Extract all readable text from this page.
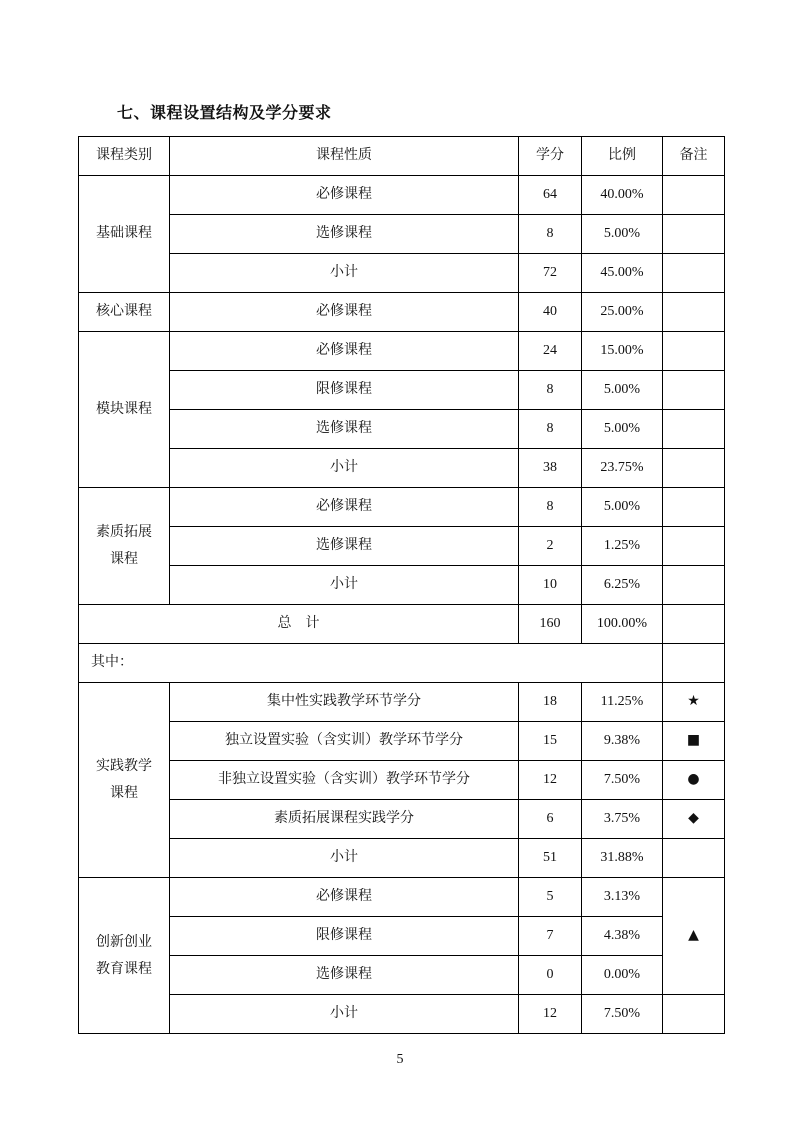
七、课程设置结构及学分要求
课程类别	课程性质	学分	比例	备注
基础课程	必修课程	64	40.00%	
	选修课程	8	5.00%	
	小计	72	45.00%	
核心课程	必修课程	40	25.00%	
模块课程	必修课程	24	15.00%	
	限修课程	8	5.00%	
	选修课程	8	5.00%	
	小计	38	23.75%	
素质拓展
课程	必修课程	8	5.00%	
	选修课程	2	1.25%	
	小计	10	6.25%	
总　计		160	100.00%	
其中：				
实践教学
课程	集中性实践教学环节学分	18	11.25%	★
	独立设置实验（含实训）教学环节学分	15	9.38%	■
	非独立设置实验（含实训）教学环节学分	12	7.50%	●
	素质拓展课程实践学分	6	3.75%	◆
	小计	51	31.88%	
创新创业
教育课程	必修课程	5	3.13%	▲
	限修课程	7	4.38%	
	选修课程	0	0.00%	
	小计	12	7.50%	
5
